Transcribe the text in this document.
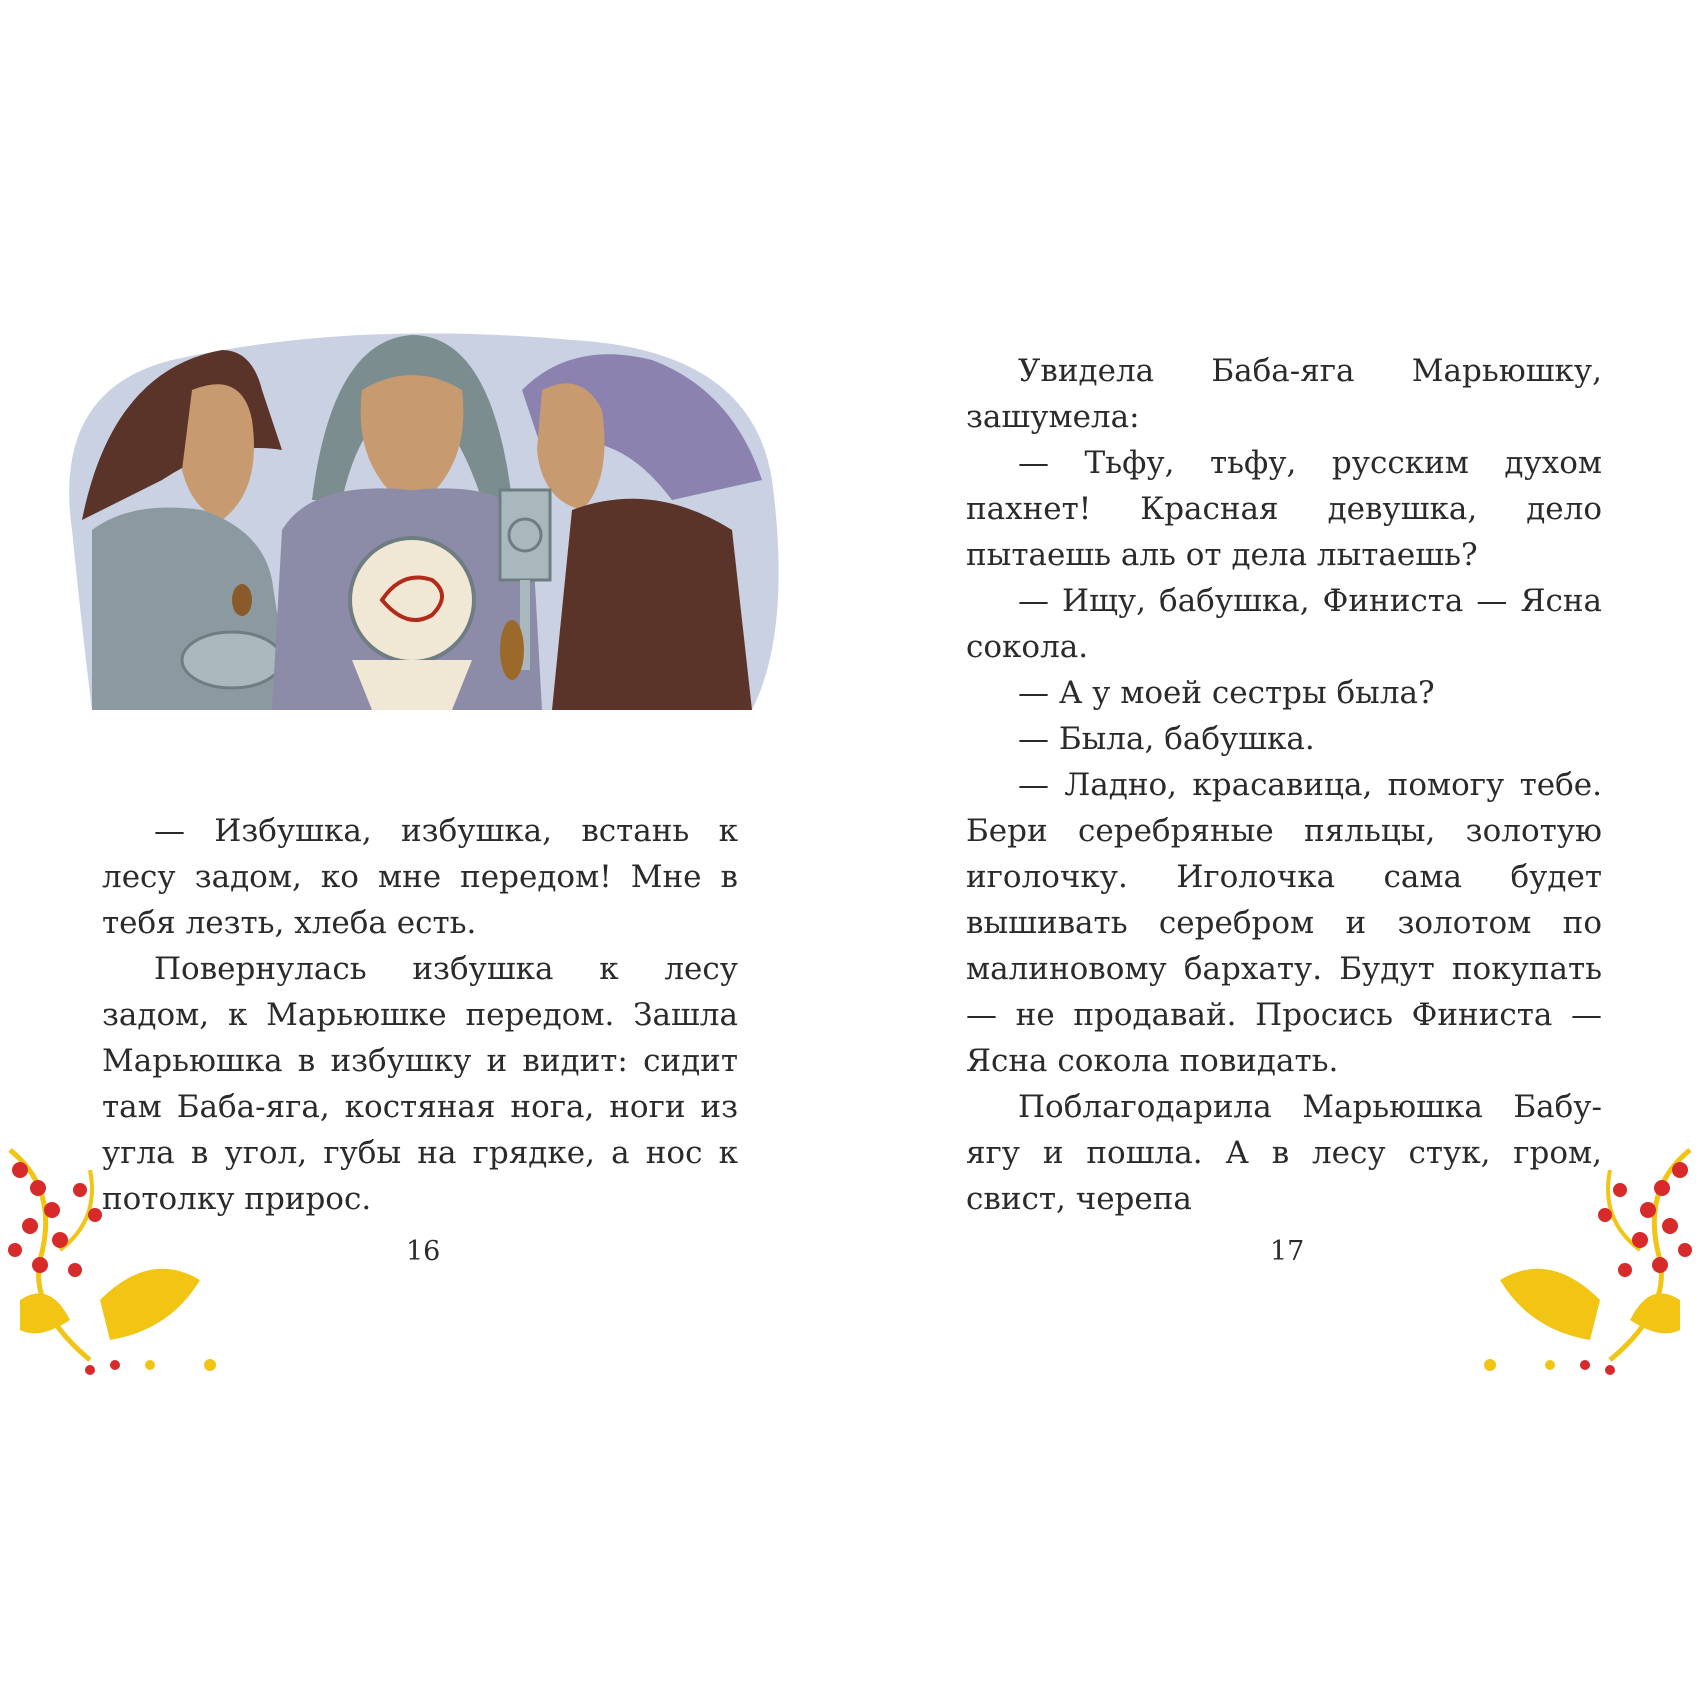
— Избушка, избушка, встань к лесу задом, ко мне передом! Мне в тебя лезть, хлеба есть.

Повернулась избушка к лесу задом, к Марьюшке передом. Зашла Марьюшка в избушку и видит: сидит там Баба-яга, костяная нога, ноги из угла в угол, губы на грядке, а нос к потолку прирос.

16

Увидела Баба-яга Марьюшку, зашумела:

— Тьфу, тьфу, русским духом пахнет! Красная девушка, дело пытаешь аль от дела лытаешь?

— Ищу, бабушка, Финиста — Ясна сокола.

— А у моей сестры была?

— Была, бабушка.

— Ладно, красавица, помогу тебе. Бери серебряные пяльцы, золотую иголочку. Иголочка сама будет вышивать серебром и золотом по малиновому бархату. Будут покупать — не продавай. Просись Финиста — Ясна сокола повидать.

Поблагодарила Марьюшка Бабу-ягу и пошла. А в лесу стук, гром, свист, черепа

17
